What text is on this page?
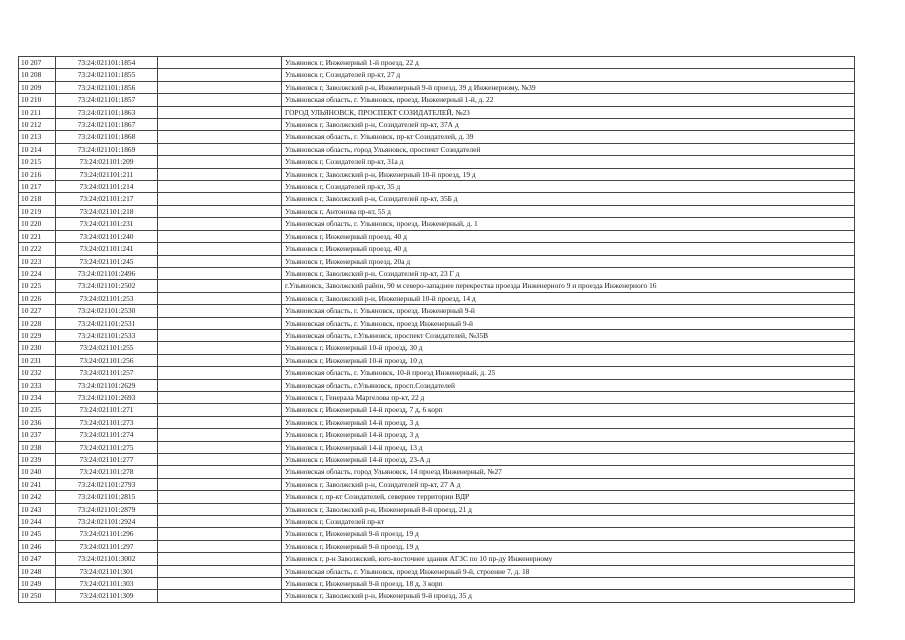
10 207	73:24:021101:1854		Ульяновск г, Инженерный 1-й проезд, 22 д
10 208	73:24:021101:1855		Ульяновск г, Созидателей пр-кт, 27 д
10 209	73:24:021101:1856		Ульяновск г, Заволжский р-н, Инженерный 9-й проезд, 39 д Инженерному, №39
10 210	73:24:021101:1857		Ульяновская область, г. Ульяновск, проезд. Инженерный 1-й, д. 22
10 211	73:24:021101:1863		ГОРОД УЛЬЯНОВСК, ПРОСПЕКТ СОЗИДАТЕЛЕЙ, №23
10 212	73:24:021101:1867		Ульяновск г, Заволжский р-н, Созидателей пр-кт, 37А д
10 213	73:24:021101:1868		Ульяновская область, г. Ульяновск, пр-кт Созидателей, д. 39
10 214	73:24:021101:1869		Ульяновская область, город Ульяновск, проспект Созидателей
10 215	73:24:021101:209		Ульяновск г, Созидателей пр-кт, 31а д
10 216	73:24:021101:211		Ульяновск г, Заволжский р-н, Инженерный 10-й проезд, 19 д
10 217	73:24:021101:214		Ульяновск г, Созидателей пр-кт, 35 д
10 218	73:24:021101:217		Ульяновск г, Заволжский р-н, Созидателей пр-кт, 35Б д
10 219	73:24:021101:218		Ульяновск г, Антонова пр-кт, 55 д
10 220	73:24:021101:231		Ульяновская область, г. Ульяновск, проезд. Инженерный, д. 1
10 221	73:24:021101:240		Ульяновск г, Инженерный проезд, 40 д
10 222	73:24:021101:241		Ульяновск г, Инженерный проезд, 40 д
10 223	73:24:021101:245		Ульяновск г, Инженерный проезд, 20а д
10 224	73:24:021101:2496		Ульяновск г, Заволжский р-н, Созидателей пр-кт, 23 Г д
10 225	73:24:021101:2502		г.Ульяновск, Заволжский район, 90 м северо-западнее перекрестка проезда Инженерного 9 и проезда Инженерного 16
10 226	73:24:021101:253		Ульяновск г, Заволжский р-н, Инженерный 10-й проезд, 14 д
10 227	73:24:021101:2530		Ульяновская область, г. Ульяновск, проезд. Инженерный 9-й
10 228	73:24:021101:2531		Ульяновская область, г. Ульяновск, проезд Инженерный 9-й
10 229	73:24:021101:2533		Ульяновская область, г.Ульяновск, проспект Созидателей, №35В
10 230	73:24:021101:255		Ульяновск г, Инженерный 10-й проезд, 30 д
10 231	73:24:021101:256		Ульяновск г, Инженерный 10-й проезд, 10 д
10 232	73:24:021101:257		Ульяновская область, г. Ульяновск, 10-й проезд Инженерный, д. 25
10 233	73:24:021101:2629		Ульяновская область, г.Ульяновск, просп.Созидателей
10 234	73:24:021101:2693		Ульяновск г, Генерала Маргелова пр-кт, 22 д
10 235	73:24:021101:271		Ульяновск г, Инженерный 14-й проезд, 7 д, 6 корп
10 236	73:24:021101:273		Ульяновск г, Инженерный 14-й проезд, 3 д
10 237	73:24:021101:274		Ульяновск г, Инженерный 14-й проезд, 3 д
10 238	73:24:021101:275		Ульяновск г, Инженерный 14-й проезд, 13 д
10 239	73:24:021101:277		Ульяновск г, Инженерный 14-й проезд, 23-А д
10 240	73:24:021101:278		Ульяновская область, город Ульяновск, 14 проезд Инженерный, №27
10 241	73:24:021101:2793		Ульяновск г, Заволжский р-н, Созидателей пр-кт, 27 А д
10 242	73:24:021101:2815		Ульяновск г, пр-кт Созидателей, севернее территории ВДР
10 243	73:24:021101:2879		Ульяновск г, Заволжский р-н, Инженерный 8-й проезд, 21 д
10 244	73:24:021101:2924		Ульяновск г, Созидателей пр-кт
10 245	73:24:021101:296		Ульяновск г, Инженерный 9-й проезд, 19 д
10 246	73:24:021101:297		Ульяновск г, Инженерный 9-й проезд, 19 д
10 247	73:24:021101:3002		Ульяновск г, р-н Заволжский, юго-восточнее здания АГЗС по 10 пр-ду Инженерному
10 248	73:24:021101:301		Ульяновская область, г. Ульяновск, проезд Инженерный 9-й, строение 7, д. 18
10 249	73:24:021101:303		Ульяновск г, Инженерный 9-й проезд, 18 д, 3 корп
10 250	73:24:021101:309		Ульяновск г, Заволжский р-н, Инженерный 9-й проезд, 35 д
